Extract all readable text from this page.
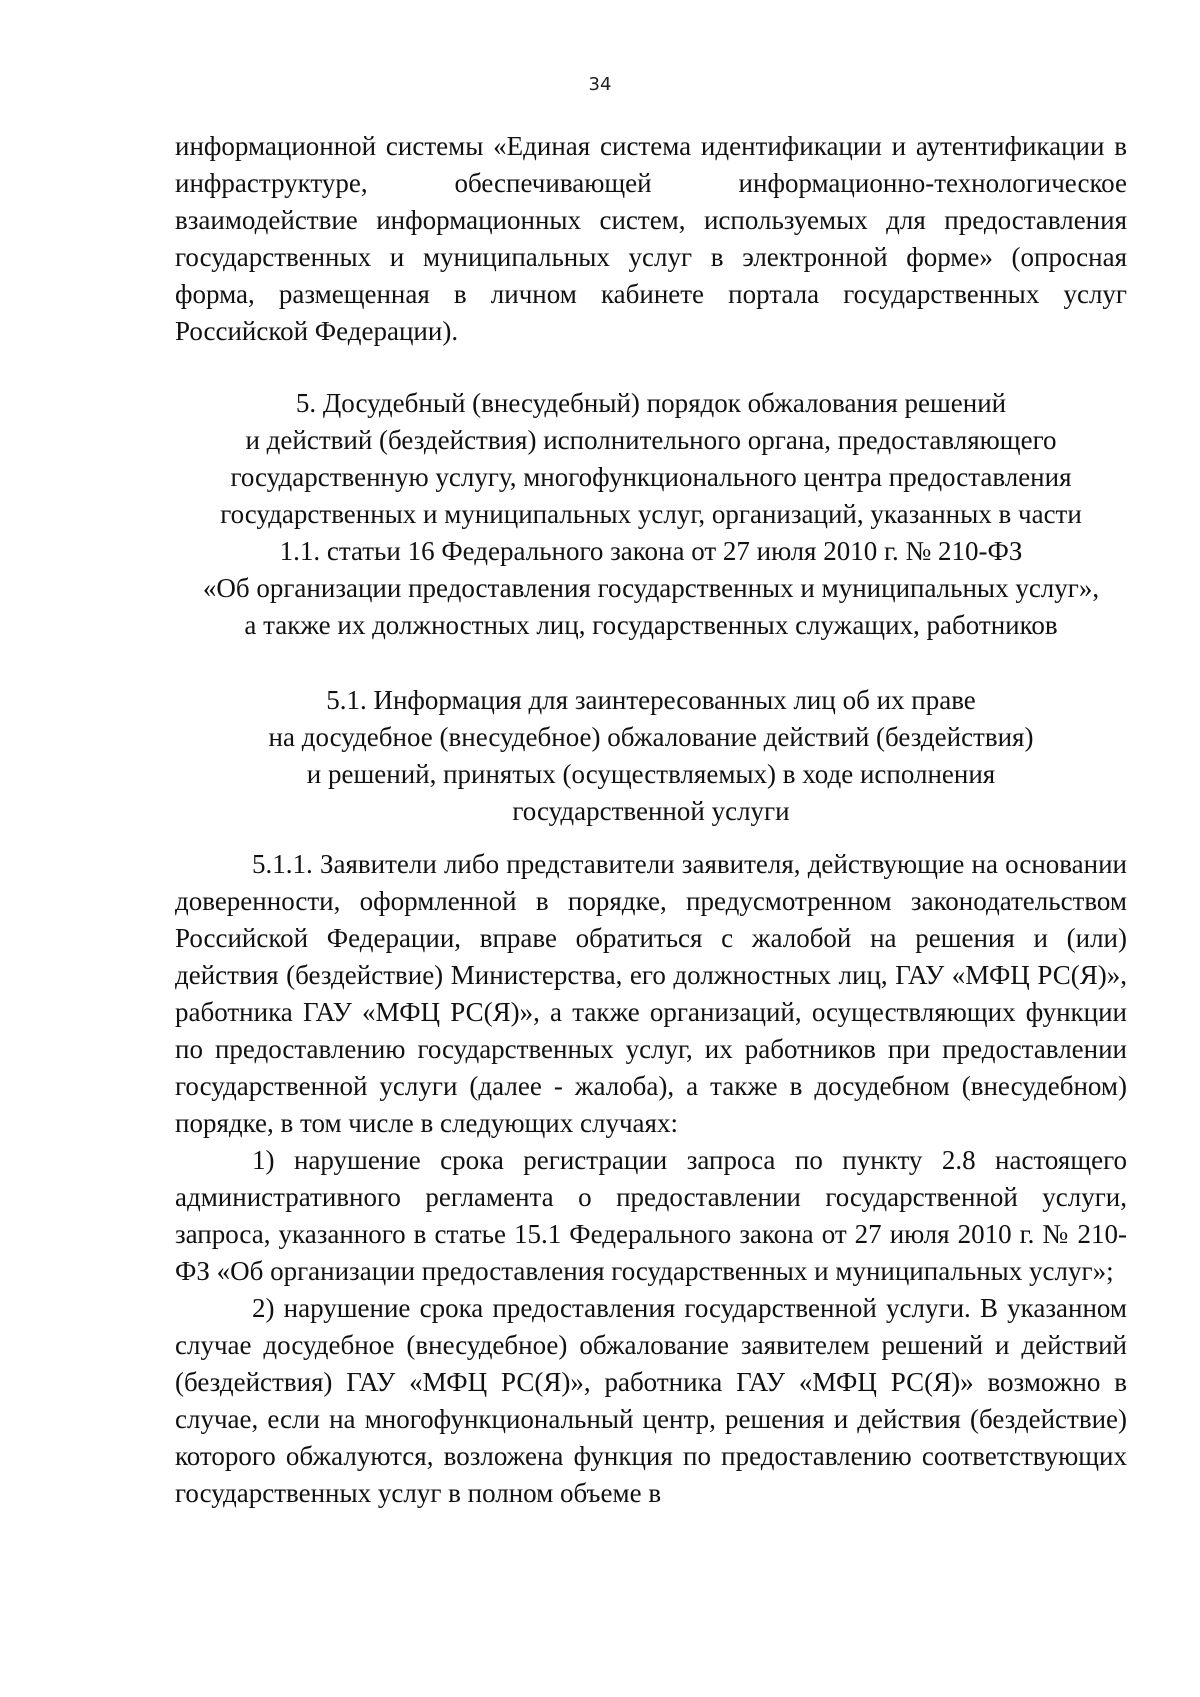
34

информационной системы «Единая система идентификации и аутентификации в инфраструктуре, обеспечивающей информационно-технологическое взаимодействие информационных систем, используемых для предоставления государственных и муниципальных услуг в электронной форме» (опросная форма, размещенная в личном кабинете портала государственных услуг Российской Федерации).

5. Досудебный (внесудебный) порядок обжалования решений
и действий (бездействия) исполнительного органа, предоставляющего
государственную услугу, многофункционального центра предоставления
государственных и муниципальных услуг, организаций, указанных в части
1.1. статьи 16 Федерального закона от 27 июля 2010 г. № 210-ФЗ
«Об организации предоставления государственных и муниципальных услуг»,
а также их должностных лиц, государственных служащих, работников
5.1. Информация для заинтересованных лиц об их праве
на досудебное (внесудебное) обжалование действий (бездействия)
и решений, принятых (осуществляемых) в ходе исполнения
государственной услуги

5.1.1. Заявители либо представители заявителя, действующие на основании доверенности, оформленной в порядке, предусмотренном законодательством Российской Федерации, вправе обратиться с жалобой на решения и (или) действия (бездействие) Министерства, его должностных лиц, ГАУ «МФЦ РС(Я)», работника ГАУ «МФЦ РС(Я)», а также организаций, осуществляющих функции по предоставлению государственных услуг, их работников при предоставлении государственной услуги (далее - жалоба), а также в досудебном (внесудебном) порядке, в том числе в следующих случаях:

1) нарушение срока регистрации запроса по пункту 2.8 настоящего административного регламента о предоставлении государственной услуги, запроса, указанного в статье 15.1 Федерального закона от 27 июля 2010 г. № 210-ФЗ «Об организации предоставления государственных и муниципальных услуг»;

2) нарушение срока предоставления государственной услуги. В указанном случае досудебное (внесудебное) обжалование заявителем решений и действий (бездействия) ГАУ «МФЦ РС(Я)», работника ГАУ «МФЦ РС(Я)» возможно в случае, если на многофункциональный центр, решения и действия (бездействие) которого обжалуются, возложена функция по предоставлению соответствующих государственных услуг в полном объеме в
